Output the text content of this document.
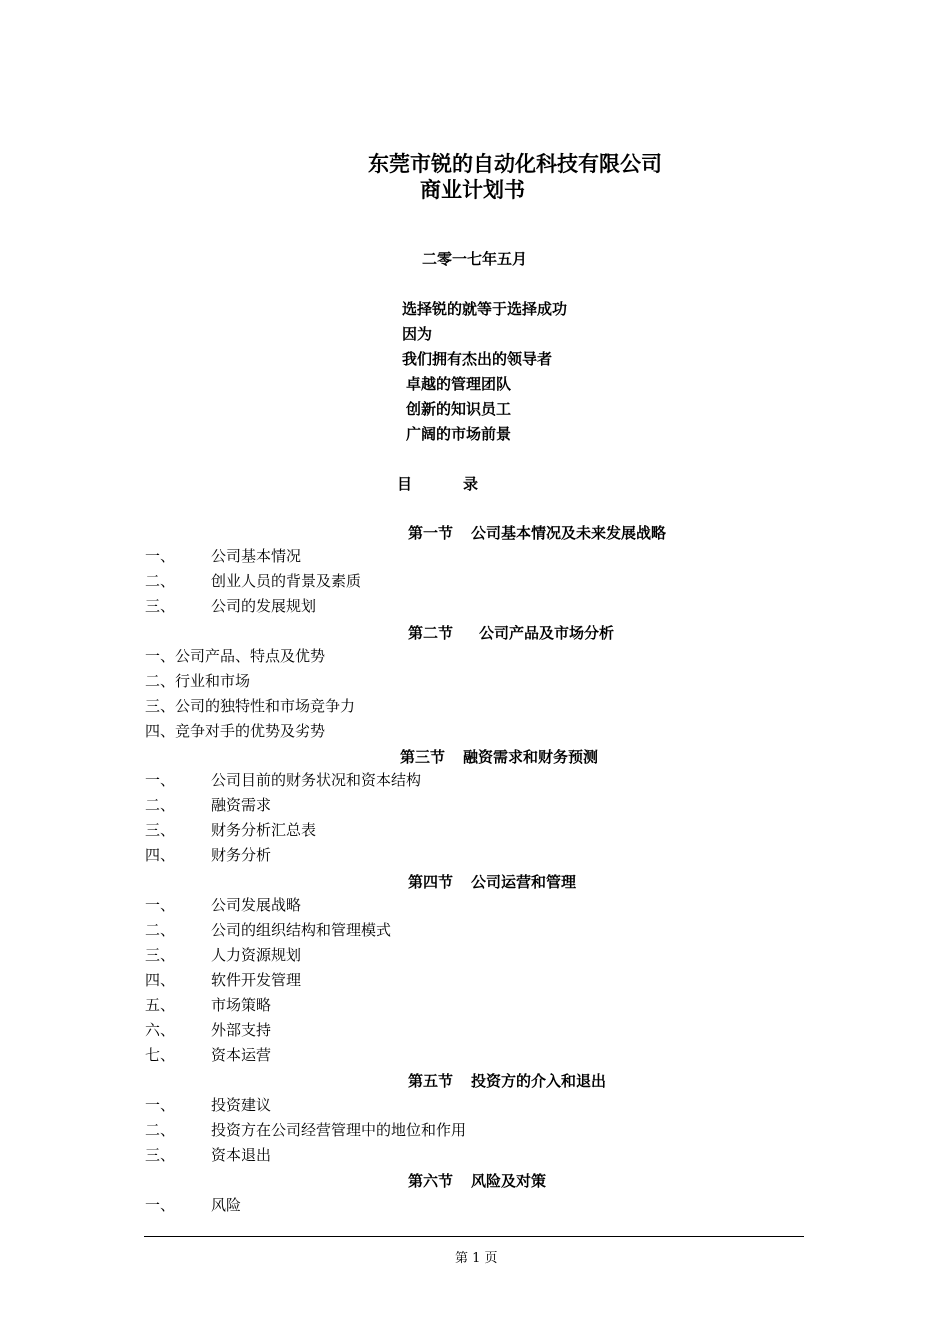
东莞市锐的自动化科技有限公司
商业计划书
二零一七年五月
选择锐的就等于选择成功
因为
我们拥有杰出的领导者
卓越的管理团队
创新的知识员工
广阔的市场前景
目	录
第一节 公司基本情况及未来发展战略
一、 公司基本情况
二、 创业人员的背景及素质
三、 公司的发展规划
第二节 公司产品及市场分析
一、公司产品、特点及优势
二、行业和市场
三、公司的独特性和市场竞争力
四、竞争对手的优势及劣势
第三节 融资需求和财务预测
一、 公司目前的财务状况和资本结构
二、 融资需求
三、 财务分析汇总表
四、 财务分析
第四节 公司运营和管理
一、 公司发展战略
二、 公司的组织结构和管理模式
三、 人力资源规划
四、 软件开发管理
五、 市场策略
六、 外部支持
七、 资本运营
第五节 投资方的介入和退出
一、 投资建议
二、 投资方在公司经营管理中的地位和作用
三、 资本退出
第六节 风险及对策
一、 风险
第 1 页
